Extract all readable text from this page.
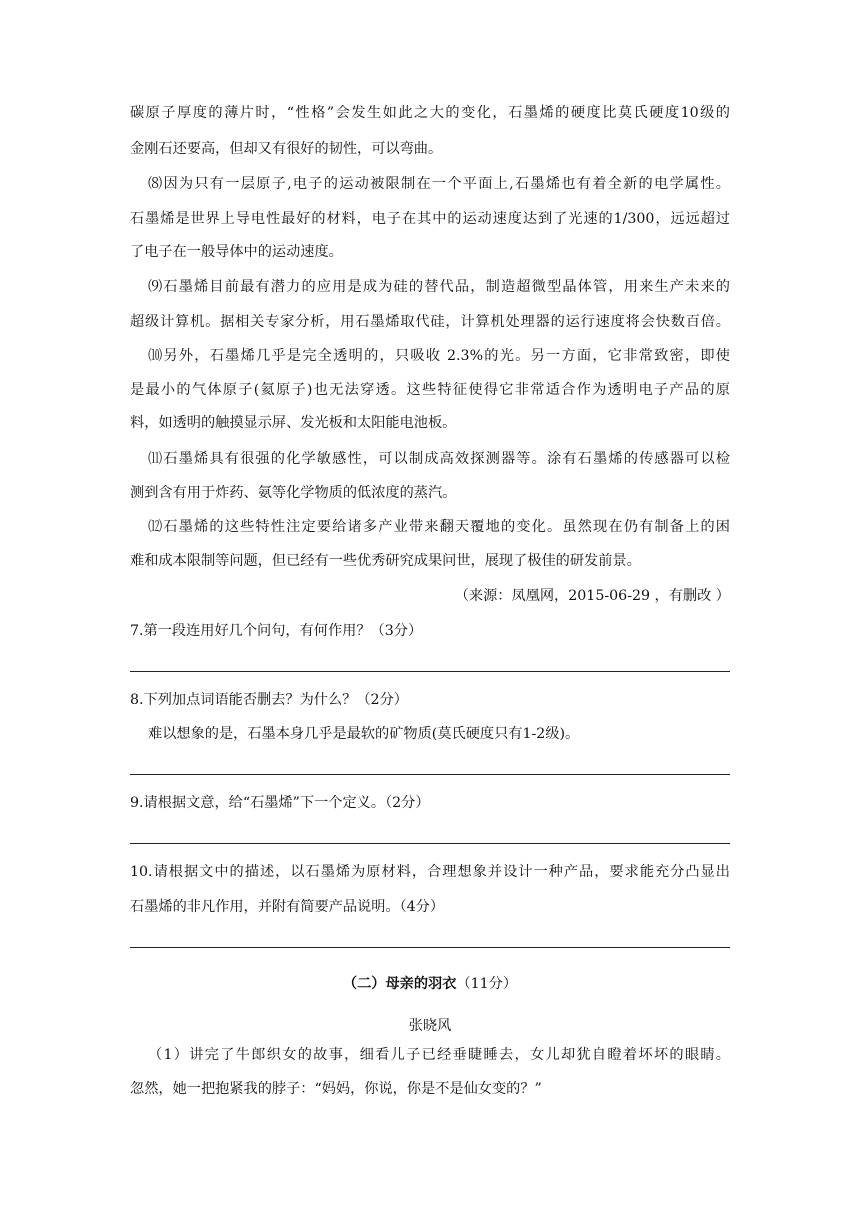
碳原子厚度的薄片时，“性格”会发生如此之大的变化，石墨烯的硬度比莫氏硬度10级的
金刚石还要高，但却又有很好的韧性，可以弯曲。
⑻因为只有一层原子,电子的运动被限制在一个平面上,石墨烯也有着全新的电学属性。
石墨烯是世界上导电性最好的材料，电子在其中的运动速度达到了光速的1/300，远远超过
了电子在一般导体中的运动速度。
⑼石墨烯目前最有潜力的应用是成为硅的替代品，制造超微型晶体管，用来生产未来的
超级计算机。据相关专家分析，用石墨烯取代硅，计算机处理器的运行速度将会快数百倍。
⑽另外，石墨烯几乎是完全透明的，只吸收 2.3%的光。另一方面，它非常致密，即使
是最小的气体原子(氦原子)也无法穿透。这些特征使得它非常适合作为透明电子产品的原
料，如透明的触摸显示屏、发光板和太阳能电池板。
⑾石墨烯具有很强的化学敏感性，可以制成高效探测器等。涂有石墨烯的传感器可以检
测到含有用于炸药、氨等化学物质的低浓度的蒸汽。
⑿石墨烯的这些特性注定要给诸多产业带来翻天覆地的变化。虽然现在仍有制备上的困
难和成本限制等问题，但已经有一些优秀研究成果问世，展现了极佳的研发前景。
（来源：凤凰网，2015-06-29 ，有删改 ）
7.第一段连用好几个问句，有何作用？（3分）
8.下列加点词语能否删去？为什么？（2分）
难以想象的是，石墨本身几乎是最软的矿物质(莫氏硬度只有1-2级)。
9.请根据文意，给“石墨烯”下一个定义。（2分）
10.请根据文中的描述，以石墨烯为原材料，合理想象并设计一种产品，要求能充分凸显出
石墨烯的非凡作用，并附有简要产品说明。（4分）
（二）母亲的羽衣（11分）
张晓风
（1）讲完了牛郎织女的故事，细看儿子已经垂睫睡去，女儿却犹自瞪着坏坏的眼睛。
忽然，她一把抱紧我的脖子：“妈妈，你说，你是不是仙女变的？”
